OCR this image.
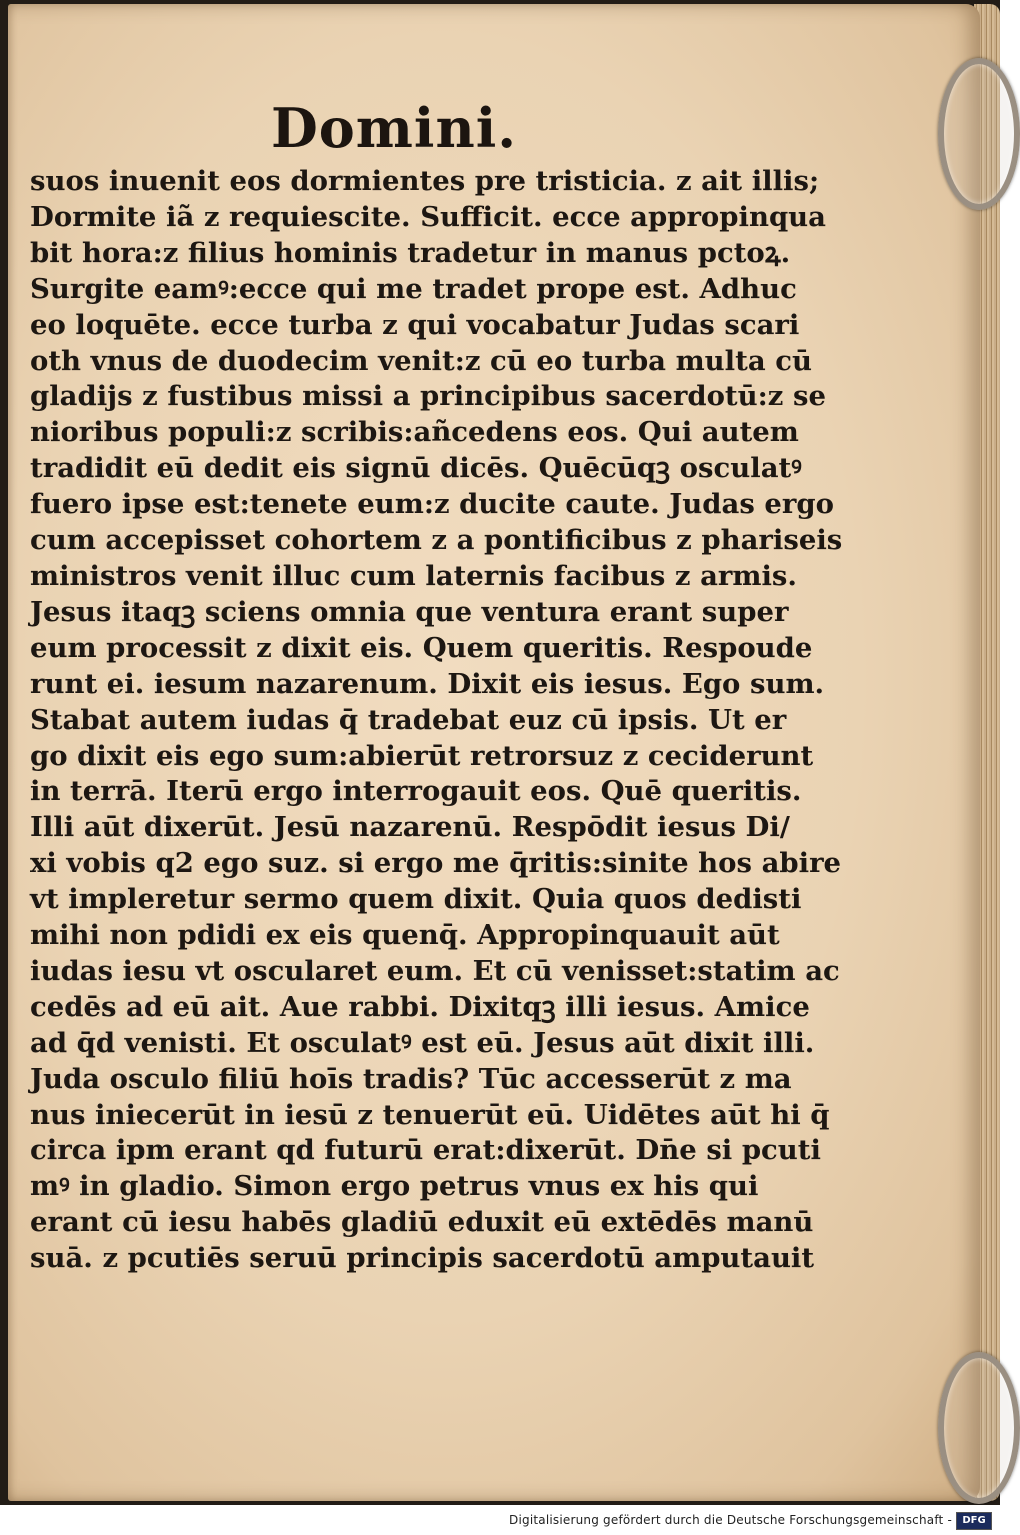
Domini.
suos inuenit eos dormientes pre tristicia. z ait illis;
Dormite iã z requiescite. Sufficit. ecce appropinqua
bit hora:z filius hominis tradetur in manus pctoꝝ.
Surgite eamꝰ:ecce qui me tradet prope est. Adhuc
eo loquēte. ecce turba z qui vocabatur Judas scari
oth vnus de duodecim venit:z cū eo turba multa cū
gladijs z fustibus missi a principibus sacerdotū:z se
nioribus populi:z scribis:añcedens eos. Qui autem
tradidit eū dedit eis signū dicēs. Quēcūqꝫ osculatꝰ
fuero ipse est:tenete eum:z ducite caute. Judas ergo
cum accepisset cohortem z a pontificibus z phariseis
ministros venit illuc cum laternis facibus z armis.
Jesus itaqꝫ sciens omnia que ventura erant super
eum processit z dixit eis. Quem queritis. Respoude
runt ei. iesum nazarenum. Dixit eis iesus. Ego sum.
Stabat autem iudas q̄ tradebat euz cū ipsis. Ut er
go dixit eis ego sum:abierūt retrorsuz z ceciderunt
in terrā. Iterū ergo interrogauit eos. Quē queritis.
Illi aūt dixerūt. Jesū nazarenū. Respōdit iesus Di/
xi vobis q2 ego suz. si ergo me q̄ritis:sinite hos abire
vt impleretur sermo quem dixit. Quia quos dedisti
mihi non pdidi ex eis quenq̄. Appropinquauit aūt
iudas iesu vt oscularet eum. Et cū venisset:statim ac
cedēs ad eū ait. Aue rabbi. Dixitqꝫ illi iesus. Amice
ad q̄d venisti. Et osculatꝰ est eū. Jesus aūt dixit illi.
Juda osculo filiū hoīs tradis? Tūc accesserūt z ma
nus iniecerūt in iesū z tenuerūt eū. Uidētes aūt hi q̄
circa ipm erant qd futurū erat:dixerūt. Dn̄e si pcuti
mꝰ in gladio. Simon ergo petrus vnus ex his qui
erant cū iesu habēs gladiū eduxit eū extēdēs manū
suā. z pcutiēs seruū principis sacerdotū amputauit
Digitalisierung gefördert durch die Deutsche Forschungsgemeinschaft -	DFG
